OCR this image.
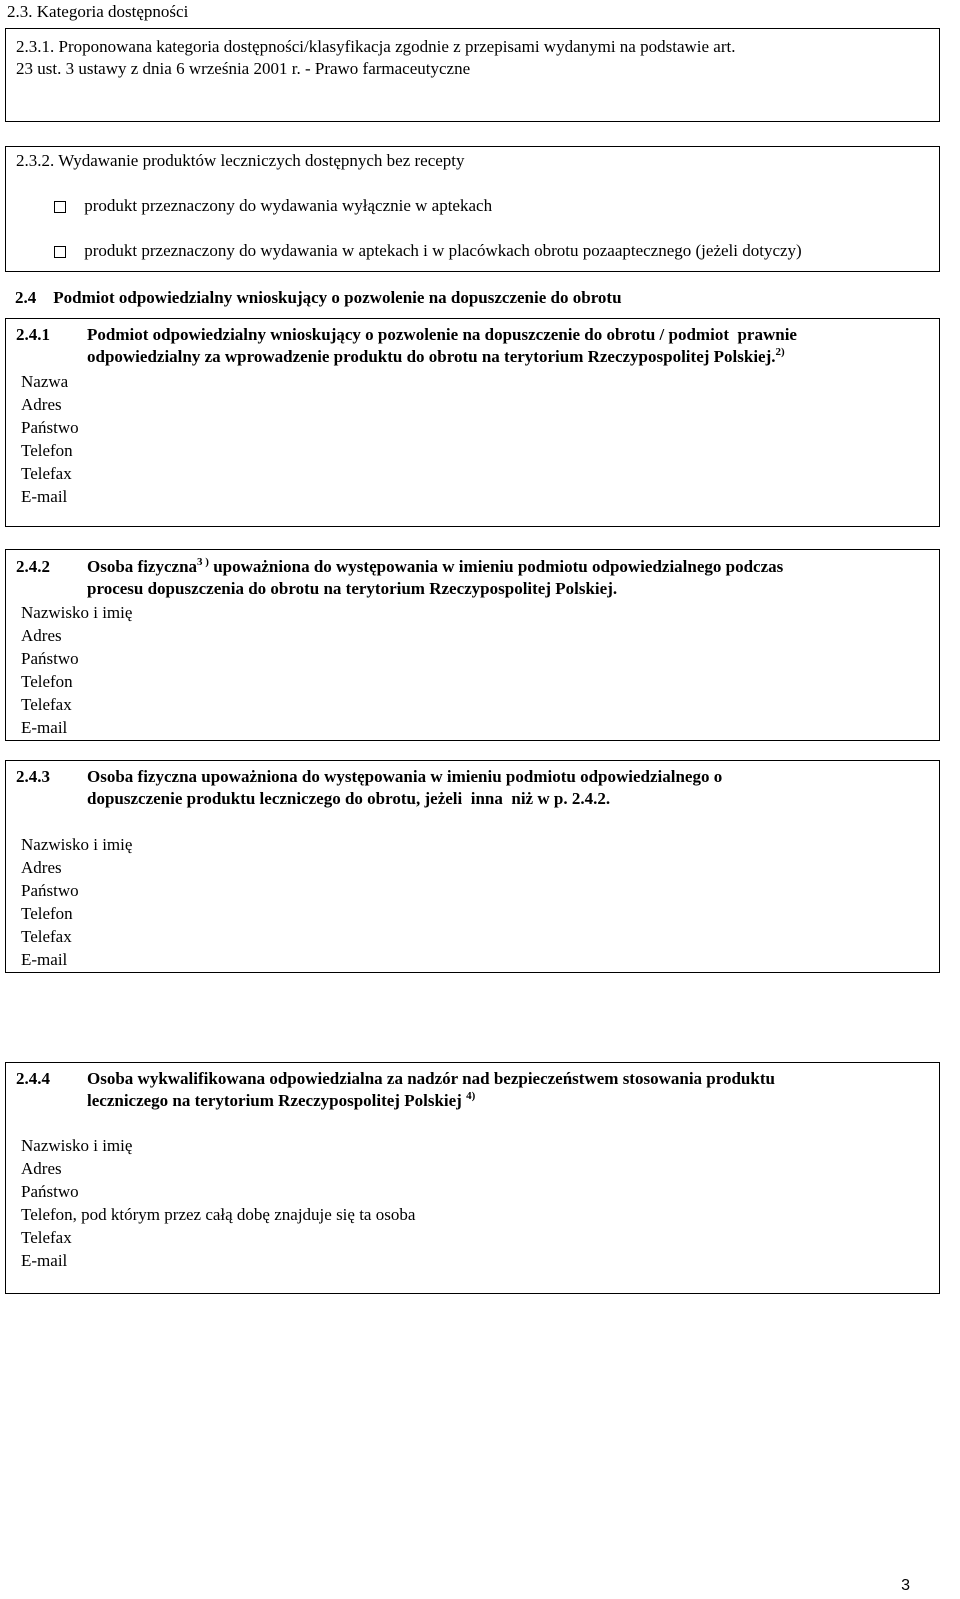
2.3. Kategoria dostępności
2.3.1. Proponowana kategoria dostępności/klasyfikacja zgodnie z przepisami wydanymi na podstawie art.
23 ust. 3 ustawy z dnia 6 września 2001 r. - Prawo farmaceutyczne
2.3.2. Wydawanie produktów leczniczych dostępnych bez recepty
produkt przeznaczony do wydawania wyłącznie w aptekach
produkt przeznaczony do wydawania w aptekach i w placówkach obrotu pozaaptecznego (jeżeli dotyczy)
2.4    Podmiot odpowiedzialny wnioskujący o pozwolenie na dopuszczenie do obrotu
2.4.1 Podmiot odpowiedzialny wnioskujący o pozwolenie na dopuszczenie do obrotu / podmiot  prawnie
odpowiedzialny za wprowadzenie produktu do obrotu na terytorium Rzeczypospolitej Polskiej.$^{2)}$
Nazwa
Adres
Państwo
Telefon
Telefax
E-mail
2.4.2 Osoba fizyczna$^{3 )}$ upoważniona do występowania w imieniu podmiotu odpowiedzialnego podczas
procesu dopuszczenia do obrotu na terytorium Rzeczypospolitej Polskiej.
Nazwisko i imię
Adres
Państwo
Telefon
Telefax
E-mail
2.4.3 Osoba fizyczna upoważniona do występowania w imieniu podmiotu odpowiedzialnego o
dopuszczenie produktu leczniczego do obrotu, jeżeli  inna  niż w p. 2.4.2.
Nazwisko i imię
Adres
Państwo
Telefon
Telefax
E-mail
2.4.4 Osoba wykwalifikowana odpowiedzialna za nadzór nad bezpieczeństwem stosowania produktu
leczniczego na terytorium Rzeczypospolitej Polskiej $^{4)}$
Nazwisko i imię
Adres
Państwo
Telefon, pod którym przez całą dobę znajduje się ta osoba
Telefax
E-mail
3
